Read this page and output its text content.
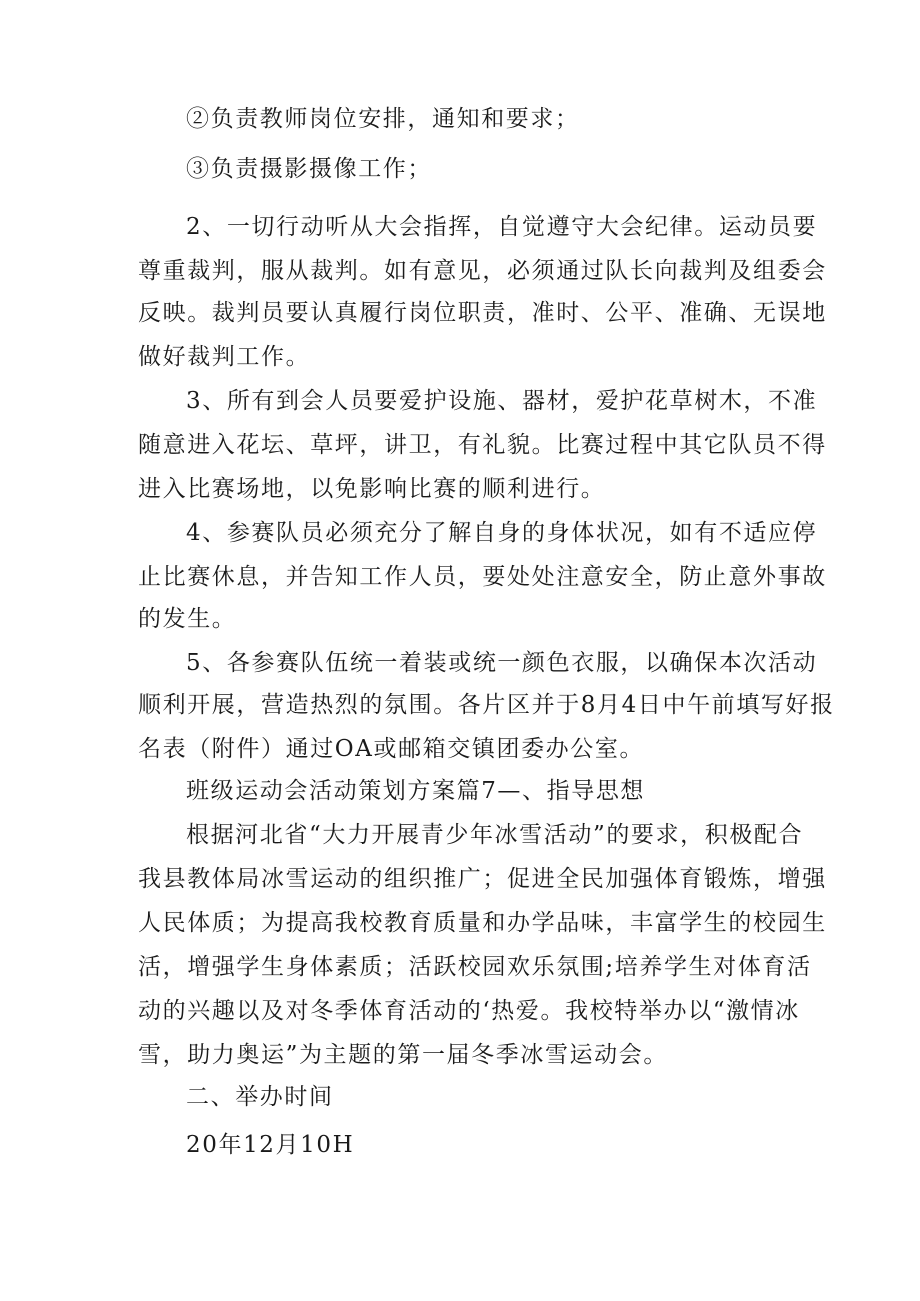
②负责教师岗位安排，通知和要求；
③负责摄影摄像工作；
2、一切行动听从大会指挥，自觉遵守大会纪律。运动员要
尊重裁判，服从裁判。如有意见，必须通过队长向裁判及组委会
反映。裁判员要认真履行岗位职责，准时、公平、准确、无误地
做好裁判工作。
3、所有到会人员要爱护设施、器材，爱护花草树木，不准
随意进入花坛、草坪，讲卫，有礼貌。比赛过程中其它队员不得
进入比赛场地，以免影响比赛的顺利进行。
4、参赛队员必须充分了解自身的身体状况，如有不适应停
止比赛休息，并告知工作人员，要处处注意安全，防止意外事故
的发生。
5、各参赛队伍统一着装或统一颜色衣服，以确保本次活动
顺利开展，营造热烈的氛围。各片区并于8月4日中午前填写好报
名表（附件）通过OA或邮箱交镇团委办公室。
班级运动会活动策划方案篇7—、指导思想
根据河北省“大力开展青少年冰雪活动”的要求，积极配合
我县教体局冰雪运动的组织推广；促进全民加强体育锻炼，增强
人民体质；为提高我校教育质量和办学品味，丰富学生的校园生
活，增强学生身体素质；活跃校园欢乐氛围;培养学生对体育活
动的兴趣以及对冬季体育活动的‘热爱。我校特举办以“激情冰
雪，助力奥运”为主题的第一届冬季冰雪运动会。
二、举办时间
20年12月10H
